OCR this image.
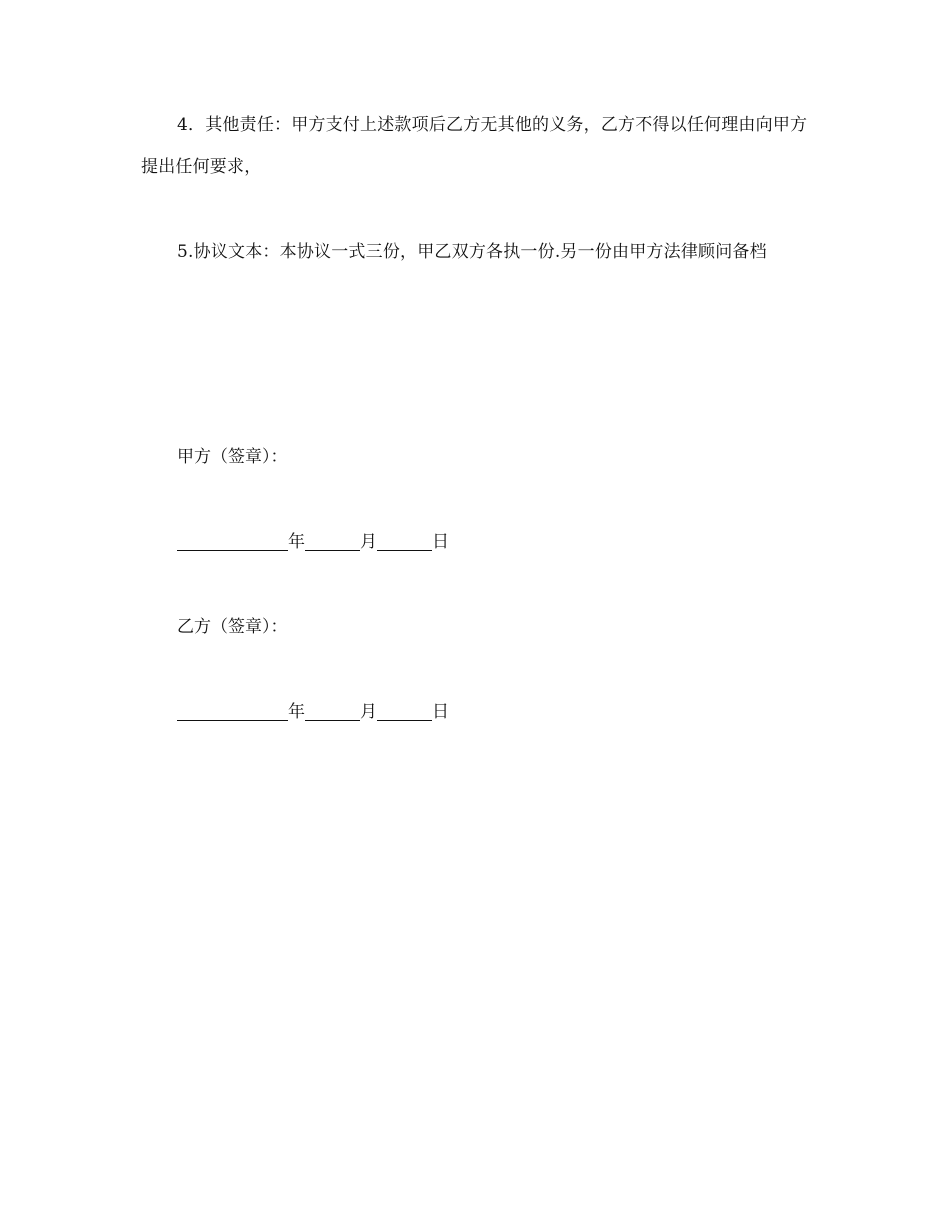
4．其他责任：甲方支付上述款项后乙方无其他的义务，乙方不得以任何理由向甲方提出任何要求，

5.协议文本：本协议一式三份，甲乙双方各执一份.另一份由甲方法律顾问备档

甲方（签章）：

年	月	日

乙方（签章）：

年	月	日
